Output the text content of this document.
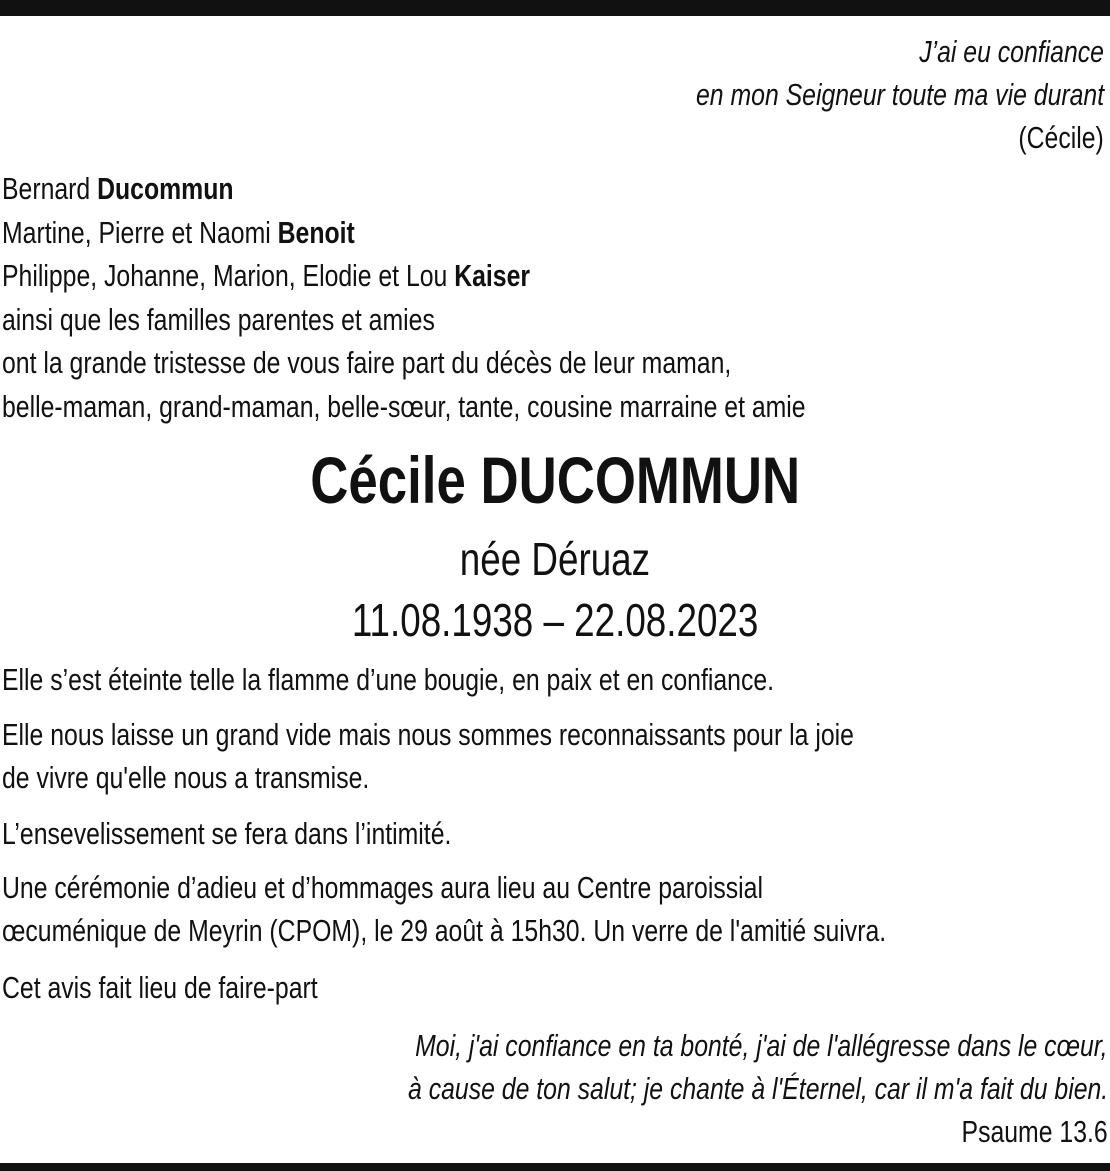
J’ai eu confiance
en mon Seigneur toute ma vie durant
(Cécile)
Bernard Ducommun
Martine, Pierre et Naomi Benoit
Philippe, Johanne, Marion, Elodie et Lou Kaiser
ainsi que les familles parentes et amies
ont la grande tristesse de vous faire part du décès de leur maman,
belle-maman, grand-maman, belle-sœur, tante, cousine marraine et amie
Cécile DUCOMMUN
née Déruaz
11.08.1938 – 22.08.2023
Elle s’est éteinte telle la flamme d’une bougie, en paix et en confiance.
Elle nous laisse un grand vide mais nous sommes reconnaissants pour la joie
de vivre qu'elle nous a transmise.
L’ensevelissement se fera dans l’intimité.
Une cérémonie d’adieu et d’hommages aura lieu au Centre paroissial
œcuménique de Meyrin (CPOM), le 29 août à 15h30. Un verre de l'amitié suivra.
Cet avis fait lieu de faire-part
Moi, j'ai confiance en ta bonté, j'ai de l'allégresse dans le cœur,
à cause de ton salut; je chante à l'Éternel, car il m'a fait du bien.
Psaume 13.6
